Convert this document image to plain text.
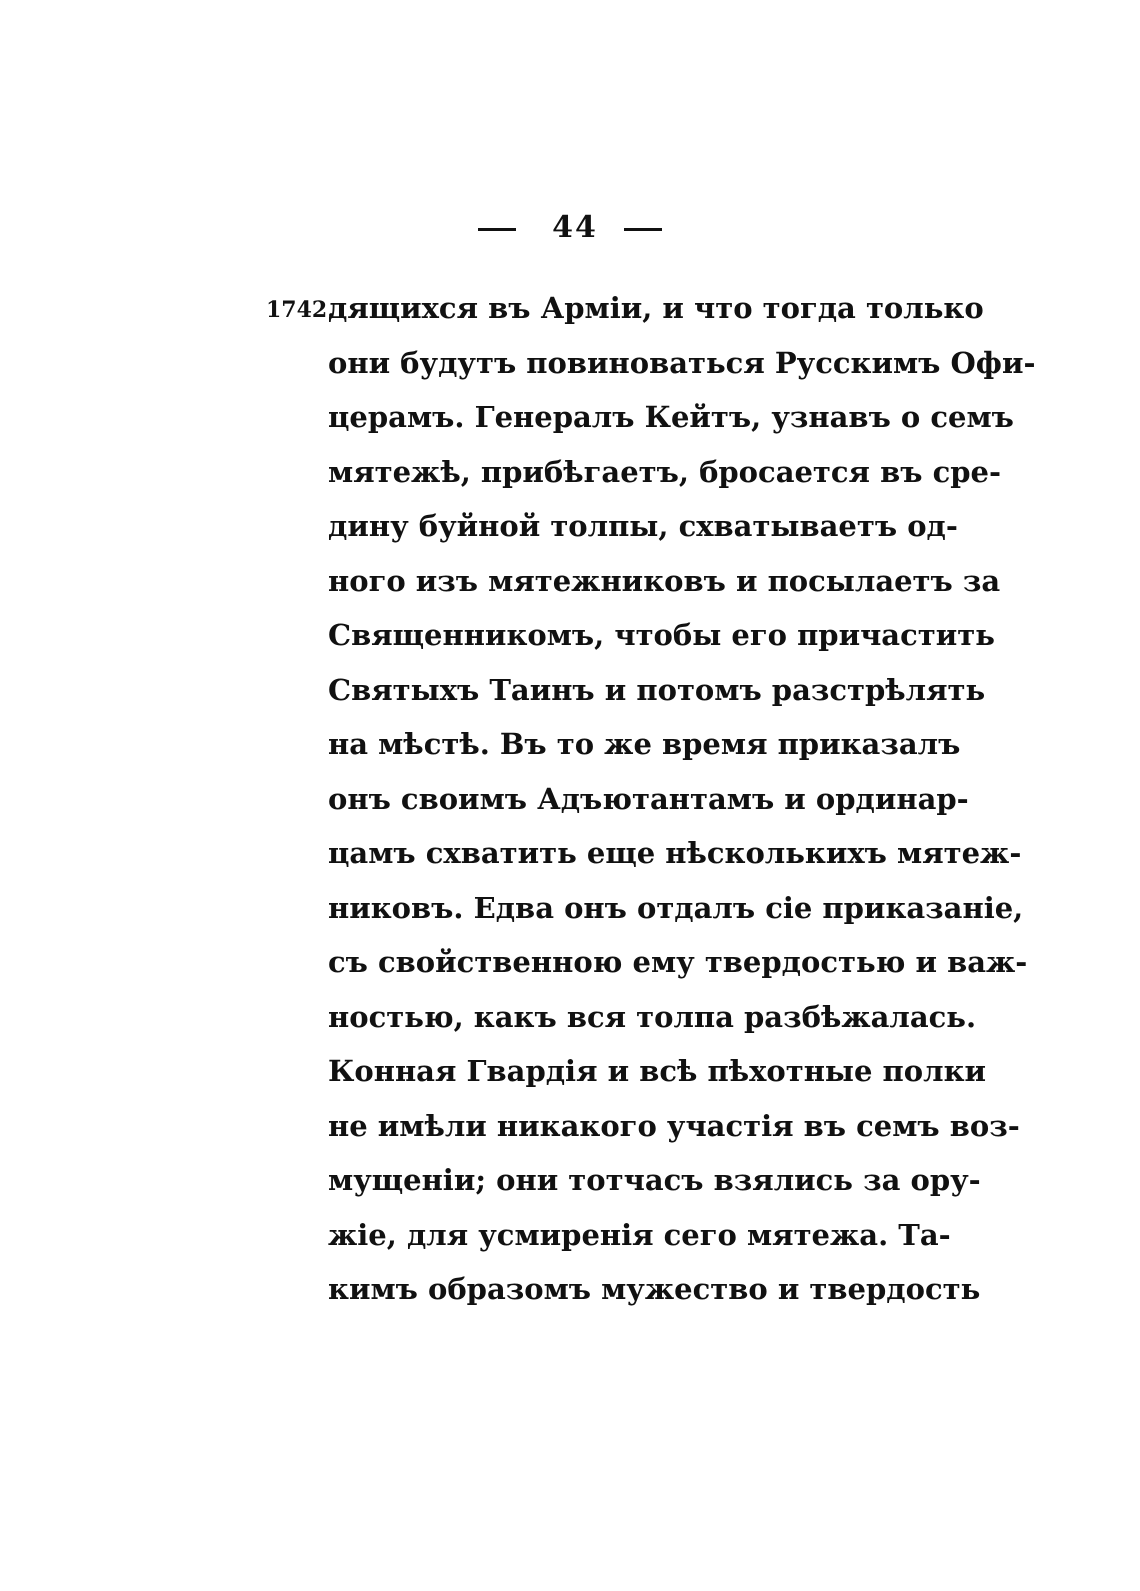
44
1742.
дящихся въ Арміи, и что тогда только
они будутъ повиноваться Русскимъ Офи-
церамъ. Генералъ Кейтъ, узнавъ о семъ
мятежѣ, прибѣгаетъ, бросается въ сре-
дину буйной толпы, схватываетъ од-
ного изъ мятежниковъ и посылаетъ за
Священникомъ, чтобы его причастить
Святыхъ Таинъ и потомъ разстрѣлять
на мѣстѣ. Въ то же время приказалъ
онъ своимъ Адъютантамъ и ординар-
цамъ схватить еще нѣсколькихъ мятеж-
никовъ. Едва онъ отдалъ сіе приказаніе,
съ свойственною ему твердостью и важ-
ностью, какъ вся толпа разбѣжалась.
Конная Гвардія и всѣ пѣхотные полки
не имѣли никакого участія въ семъ воз-
мущеніи; они тотчасъ взялись за ору-
жіе, для усмиренія сего мятежа. Та-
кимъ образомъ мужество и твердость
